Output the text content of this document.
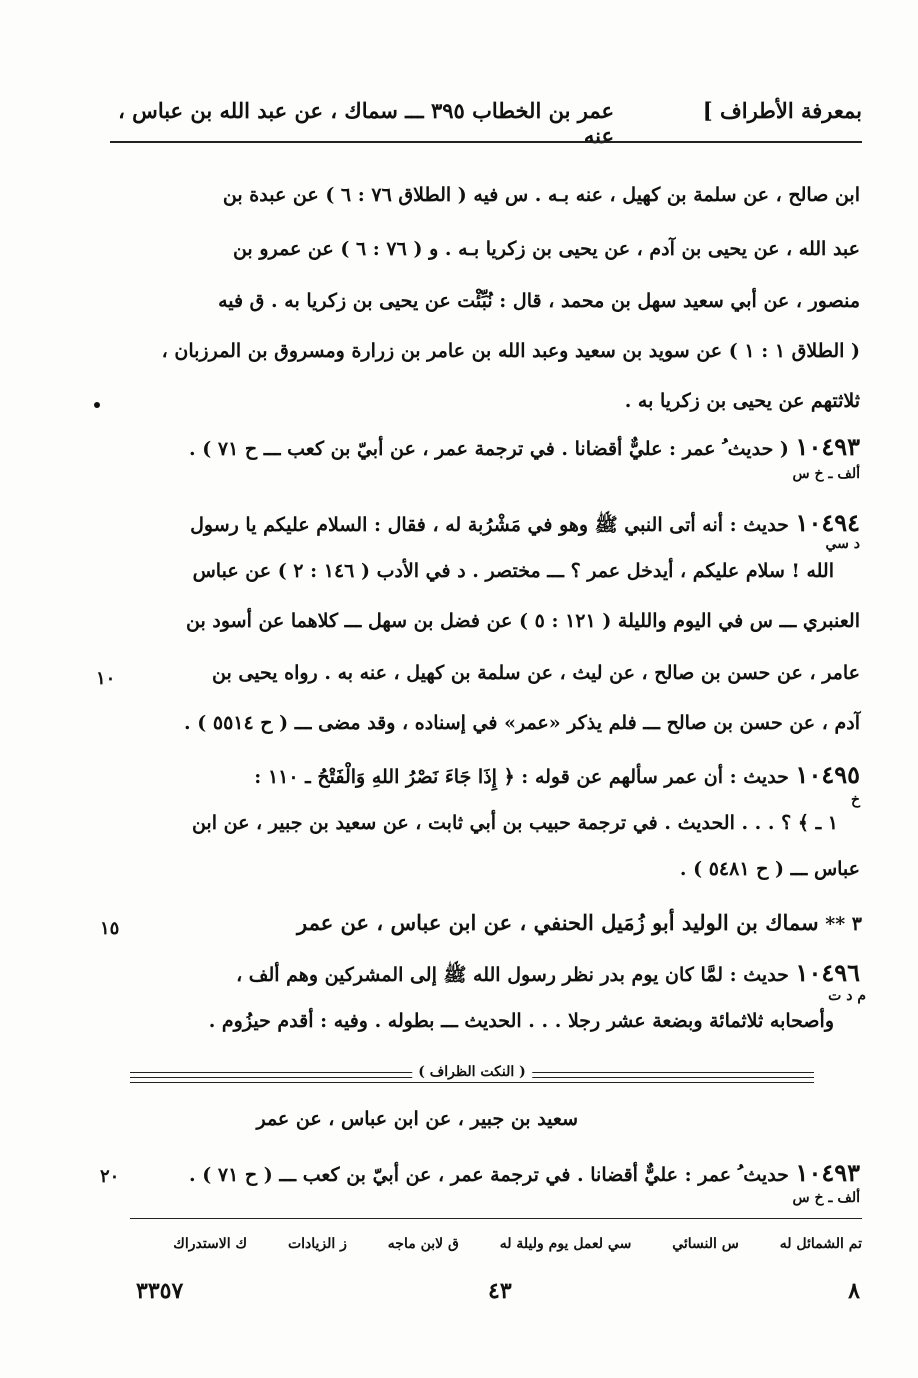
بمعرفة الأطراف ]
عمر بن الخطاب ٣٩٥ ـــ سماك ، عن عبد الله بن عباس ، عنه
ابن صالح ، عن سلمة بن كهيل ، عنه بـه . س فيه ( الطلاق ٧٦ : ٦ ) عن عبدة بن
عبد الله ، عن يحيى بن آدم ، عن يحيى بن زكريا بـه . و ( ٧٦ : ٦ ) عن عمرو بن
منصور ، عن أبي سعيد سهل بن محمد ، قال : نُبِّئْت عن يحيى بن زكريا به . ق فيه
( الطلاق ١ : ١ ) عن سويد بن سعيد وعبد الله بن عامر بن زرارة ومسروق بن المرزبان ،
ثلاثتهم عن يحيى بن زكريا به .
١٠٤٩٣ ( حديث ُ عمر : عليٌّ أقضانا . في ترجمة عمر ، عن أبيّ بن كعب ـــ ح ٧١ ) .
ألف ـ خ س
١٠٤٩٤ حديث : أنه أتى النبي ﷺ وهو في مَشْرُبة له ، فقال : السلام عليكم يا رسول
د سي
الله ! سلام عليكم ، أيدخل عمر ؟ ـــ مختصر . د في الأدب ( ١٤٦ : ٢ ) عن عباس
العنبري ـــ س في اليوم والليلة ( ١٢١ : ٥ ) عن فضل بن سهل ـــ كلاهما عن أسود بن
عامر ، عن حسن بن صالح ، عن ليث ، عن سلمة بن كهيل ، عنه به . رواه يحيى بن
١٠
آدم ، عن حسن بن صالح ـــ فلم يذكر «عمر» في إسناده ، وقد مضى ـــ ( ح ٥٥١٤ ) .
١٠٤٩٥ حديث : أن عمر سألهم عن قوله : ﴿ إِذَا جَاءَ نَصْرُ اللهِ وَالْفَتْحُ ـ ١١٠ :
خ
١ ـ ﴾ ؟ . . . الحديث . في ترجمة حبيب بن أبي ثابت ، عن سعيد بن جبير ، عن ابن
عباس ـــ ( ح ٥٤٨١ ) .
٣ ** سماك بن الوليد أبو زُمَيل الحنفي ، عن ابن عباس ، عن عمر
١٥
١٠٤٩٦ حديث : لمَّا كان يوم بدر نظر رسول الله ﷺ إلى المشركين وهم ألف ،
م د ت
وأصحابه ثلاثمائة وبضعة عشر رجلا . . . الحديث ـــ بطوله . وفيه : أقدم حيزُوم .
( النكت الظراف )
سعيد بن جبير ، عن ابن عباس ، عن عمر
١٠٤٩٣ حديث ُ عمر : عليٌّ أقضانا . في ترجمة عمر ، عن أبيّ بن كعب ـــ ( ح ٧١ ) .
٢٠
ألف ـ خ س
تم الشمائل له س النسائي سي لعمل يوم وليلة له ق لابن ماجه ز الزيادات ك الاستدراك
٣٣٥٧	٤٣	٨
